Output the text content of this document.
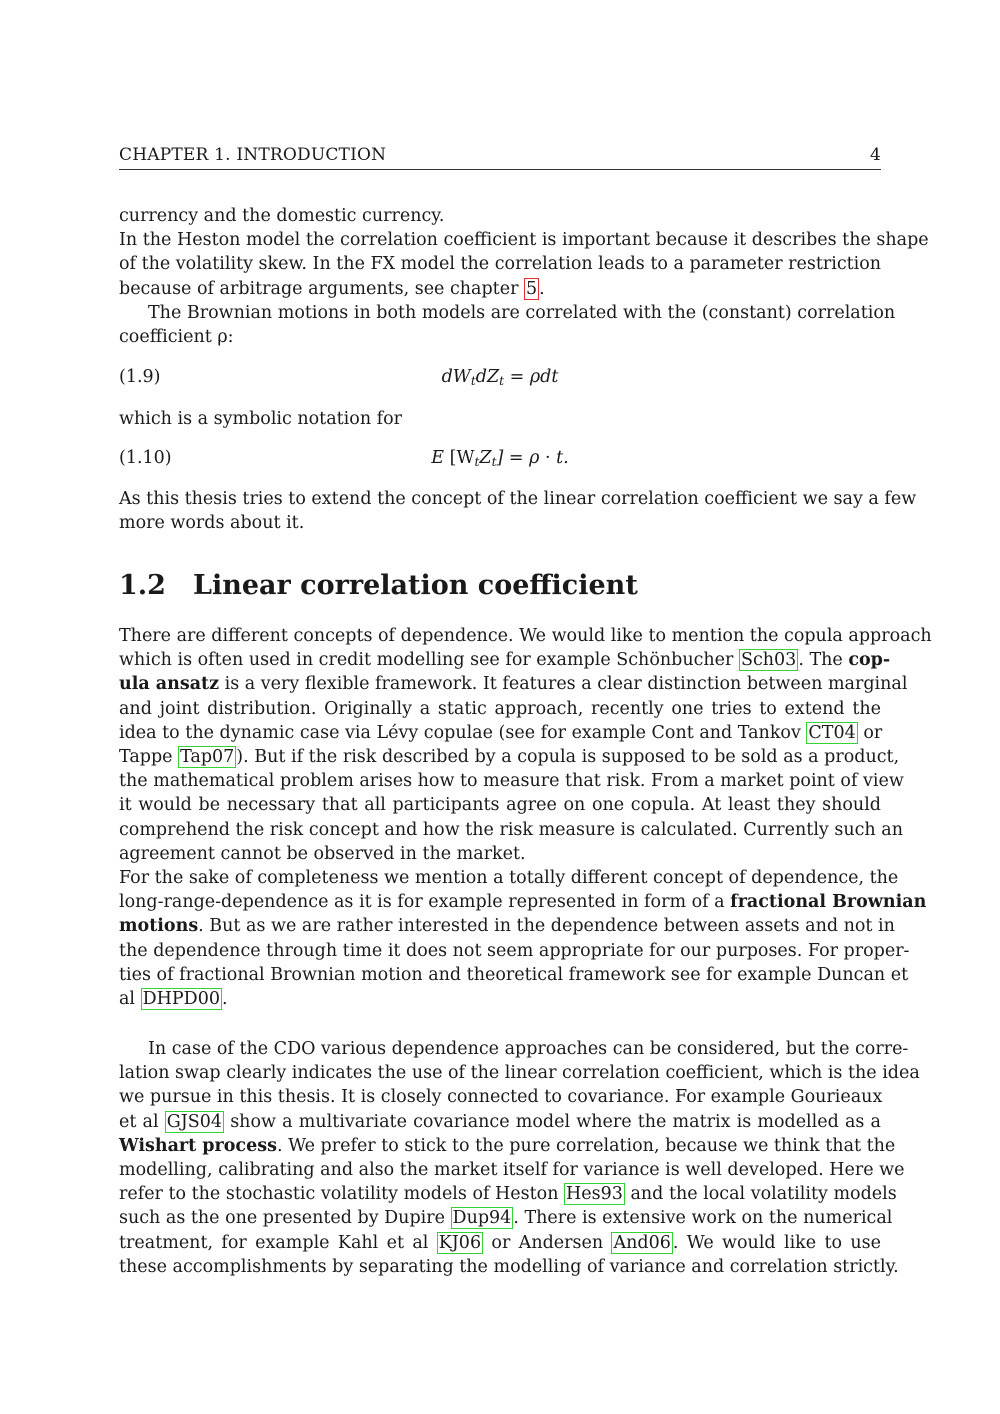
CHAPTER 1. INTRODUCTION	4
currency and the domestic currency.
In the Heston model the correlation coefficient is important because it describes the shape
of the volatility skew. In the FX model the correlation leads to a parameter restriction
because of arbitrage arguments, see chapter 5 .
The Brownian motions in both models are correlated with the (constant) correlation
coefficient ρ:
(1.9)	$dW_tdZ_t = \rho dt$
which is a symbolic notation for
(1.10)	E $[W_tZ_t] = \rho \cdot t$.
As this thesis tries to extend the concept of the linear correlation coefficient we say a few
more words about it.
1.2 Linear correlation coefficient
There are different concepts of dependence. We would like to mention the copula approach
which is often used in credit modelling see for example Schönbucher Sch03 . The cop-
ula ansatz is a very flexible framework. It features a clear distinction between marginal
and joint distribution. Originally a static approach, recently one tries to extend the
idea to the dynamic case via Lévy copulae (see for example Cont and Tankov CT04 or
Tappe Tap07 ). But if the risk described by a copula is supposed to be sold as a product,
the mathematical problem arises how to measure that risk. From a market point of view
it would be necessary that all participants agree on one copula. At least they should
comprehend the risk concept and how the risk measure is calculated. Currently such an
agreement cannot be observed in the market.
For the sake of completeness we mention a totally different concept of dependence, the
long-range-dependence as it is for example represented in form of a fractional Brownian
motions. But as we are rather interested in the dependence between assets and not in
the dependence through time it does not seem appropriate for our purposes. For proper-
ties of fractional Brownian motion and theoretical framework see for example Duncan et
al DHPD00 .
In case of the CDO various dependence approaches can be considered, but the corre-
lation swap clearly indicates the use of the linear correlation coefficient, which is the idea
we pursue in this thesis. It is closely connected to covariance. For example Gourieaux
et al GJS04 show a multivariate covariance model where the matrix is modelled as a
Wishart process. We prefer to stick to the pure correlation, because we think that the
modelling, calibrating and also the market itself for variance is well developed. Here we
refer to the stochastic volatility models of Heston Hes93 and the local volatility models
such as the one presented by Dupire Dup94 . There is extensive work on the numerical
treatment, for example Kahl et al KJ06 or Andersen And06 . We would like to use
these accomplishments by separating the modelling of variance and correlation strictly.
